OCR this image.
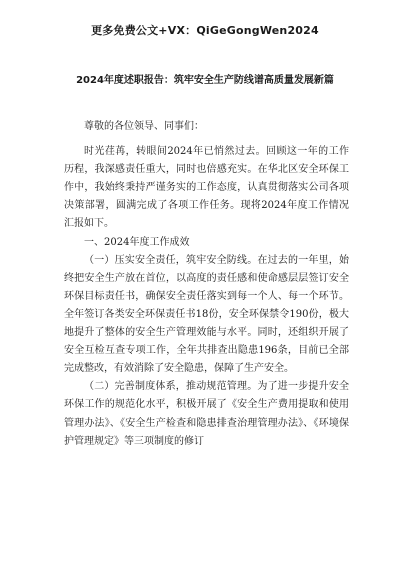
更多免费公文+VX：QiGeGongWen2024
2024年度述职报告：筑牢安全生产防线谱高质量发展新篇

尊敬的各位领导、同事们：

时光荏苒，转眼间2024年已悄然过去。回顾这一年的工作历程，我深感责任重大，同时也倍感充实。在华北区安全环保工作中，我始终秉持严谨务实的工作态度，认真贯彻落实公司各项决策部署，圆满完成了各项工作任务。现将2024年度工作情况汇报如下。

一、2024年度工作成效

（一）压实安全责任，筑牢安全防线。在过去的一年里，始终把安全生产放在首位，以高度的责任感和使命感层层签订安全环保目标责任书，确保安全责任落实到每一个人、每一个环节。全年签订各类安全环保责任书18份，安全环保禁令190份，极大地提升了整体的安全生产管理效能与水平。同时，还组织开展了安全互检互查专项工作，全年共排查出隐患196条，目前已全部完成整改，有效消除了安全隐患，保障了生产安全。

（二）完善制度体系，推动规范管理。为了进一步提升安全环保工作的规范化水平，积极开展了《安全生产费用提取和使用管理办法》、《安全生产检查和隐患排查治理管理办法》、《环境保护管理规定》等三项制度的修订
